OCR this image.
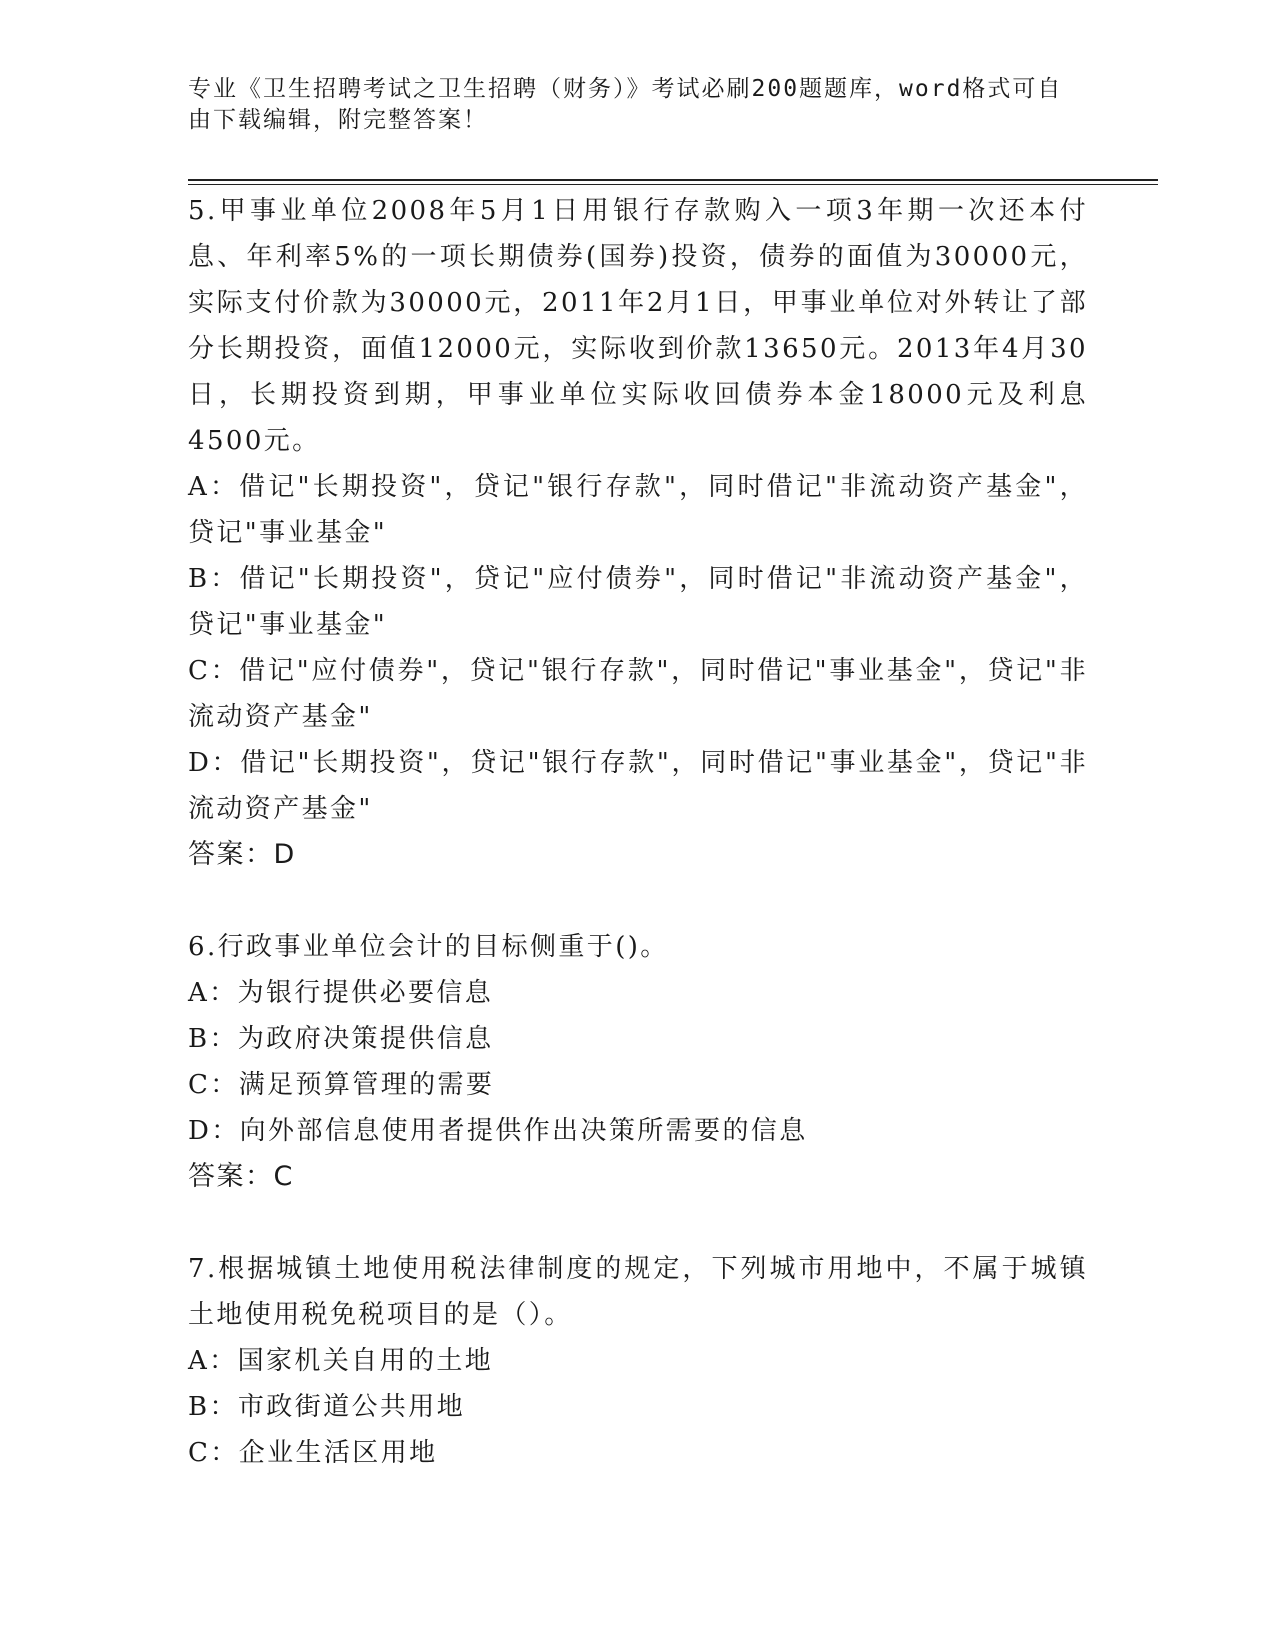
专业《卫生招聘考试之卫生招聘（财务）》考试必刷200题题库，word格式可自由下载编辑，附完整答案！

5.甲事业单位2008年5月1日用银行存款购入一项3年期一次还本付息、年利率5%的一项长期债券(国券)投资，债券的面值为30000元，实际支付价款为30000元，2011年2月1日，甲事业单位对外转让了部分长期投资，面值12000元，实际收到价款13650元。2013年4月30日，长期投资到期，甲事业单位实际收回债券本金18000元及利息4500元。

A：借记"长期投资"，贷记"银行存款"，同时借记"非流动资产基金"，贷记"事业基金"

B：借记"长期投资"，贷记"应付债券"，同时借记"非流动资产基金"，贷记"事业基金"

C：借记"应付债券"，贷记"银行存款"，同时借记"事业基金"，贷记"非流动资产基金"

D：借记"长期投资"，贷记"银行存款"，同时借记"事业基金"，贷记"非流动资产基金"

答案：D

6.行政事业单位会计的目标侧重于()。

A：为银行提供必要信息

B：为政府决策提供信息

C：满足预算管理的需要

D：向外部信息使用者提供作出决策所需要的信息

答案：C

7.根据城镇土地使用税法律制度的规定，下列城市用地中，不属于城镇土地使用税免税项目的是（）。

A：国家机关自用的土地

B：市政街道公共用地

C：企业生活区用地
